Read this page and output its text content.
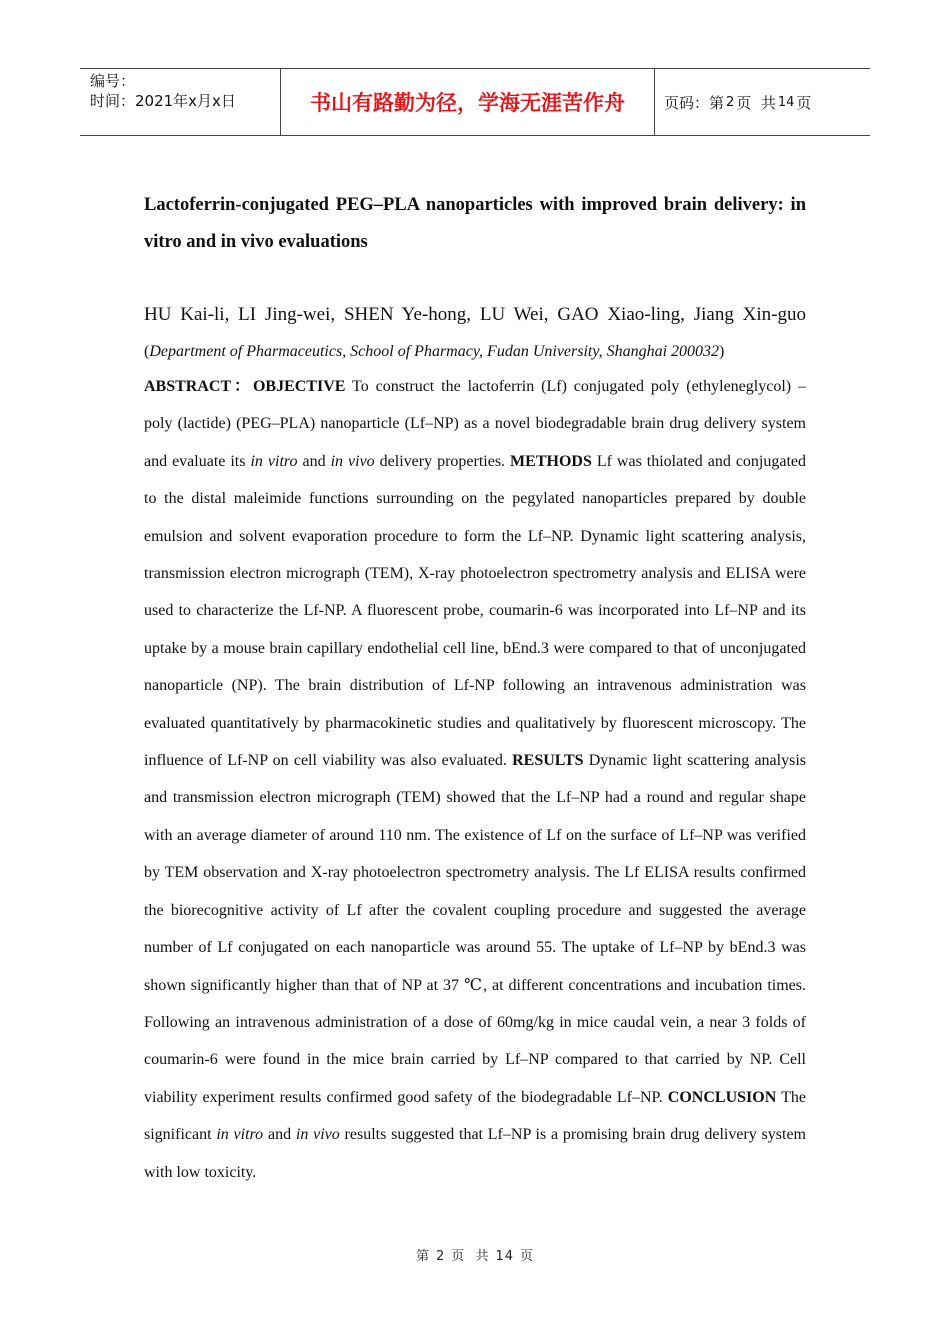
编号：
时间：2021年x月x日	书山有路勤为径，学海无涯苦作舟	页码：第 2 页  共 14 页
Lactoferrin-conjugated PEG–PLA nanoparticles with improved brain delivery: in vitro and in vivo evaluations
HU Kai-li, LI Jing-wei, SHEN Ye-hong, LU Wei, GAO Xiao-ling, Jiang Xin-guo
(Department of Pharmaceutics, School of Pharmacy, Fudan University, Shanghai 200032)
ABSTRACT：OBJECTIVE To construct the lactoferrin (Lf) conjugated poly (ethyleneglycol) – poly (lactide) (PEG–PLA) nanoparticle (Lf–NP) as a novel biodegradable brain drug delivery system and evaluate its in vitro and in vivo delivery properties. METHODS Lf was thiolated and conjugated to the distal maleimide functions surrounding on the pegylated nanoparticles prepared by double emulsion and solvent evaporation procedure to form the Lf–NP. Dynamic light scattering analysis, transmission electron micrograph (TEM), X-ray photoelectron spectrometry analysis and ELISA were used to characterize the Lf-NP. A fluorescent probe, coumarin-6 was incorporated into Lf–NP and its uptake by a mouse brain capillary endothelial cell line, bEnd.3 were compared to that of unconjugated nanoparticle (NP). The brain distribution of Lf-NP following an intravenous administration was evaluated quantitatively by pharmacokinetic studies and qualitatively by fluorescent microscopy. The influence of Lf-NP on cell viability was also evaluated. RESULTS Dynamic light scattering analysis and transmission electron micrograph (TEM) showed that the Lf–NP had a round and regular shape with an average diameter of around 110 nm. The existence of Lf on the surface of Lf–NP was verified by TEM observation and X-ray photoelectron spectrometry analysis. The Lf ELISA results confirmed the biorecognitive activity of Lf after the covalent coupling procedure and suggested the average number of Lf conjugated on each nanoparticle was around 55. The uptake of Lf–NP by bEnd.3 was shown significantly higher than that of NP at 37 ℃, at different concentrations and incubation times. Following an intravenous administration of a dose of 60mg/kg in mice caudal vein, a near 3 folds of coumarin-6 were found in the mice brain carried by Lf–NP compared to that carried by NP. Cell viability experiment results confirmed good safety of the biodegradable Lf–NP. CONCLUSION The significant in vitro and in vivo results suggested that Lf–NP is a promising brain drug delivery system with low toxicity.
第 2 页  共 14 页
